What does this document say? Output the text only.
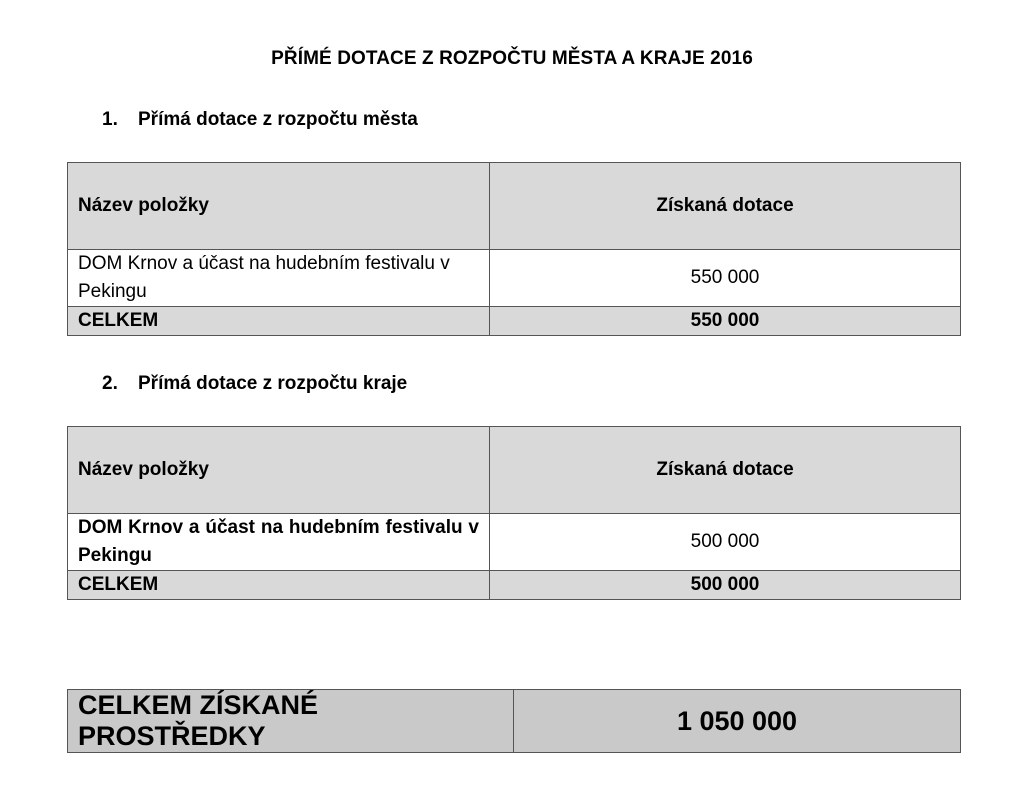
PŘÍMÉ DOTACE Z ROZPOČTU MĚSTA A KRAJE 2016
1. Přímá dotace z rozpočtu města
Název položky	Získaná dotace
DOM Krnov a účast na hudebním festivalu v Pekingu	550 000
CELKEM	550 000
2. Přímá dotace z rozpočtu kraje
Název položky	Získaná dotace
DOM Krnov a účast na hudebním festivalu v Pekingu	500 000
CELKEM	500 000
CELKEM ZÍSKANÉ PROSTŘEDKY	1 050 000
